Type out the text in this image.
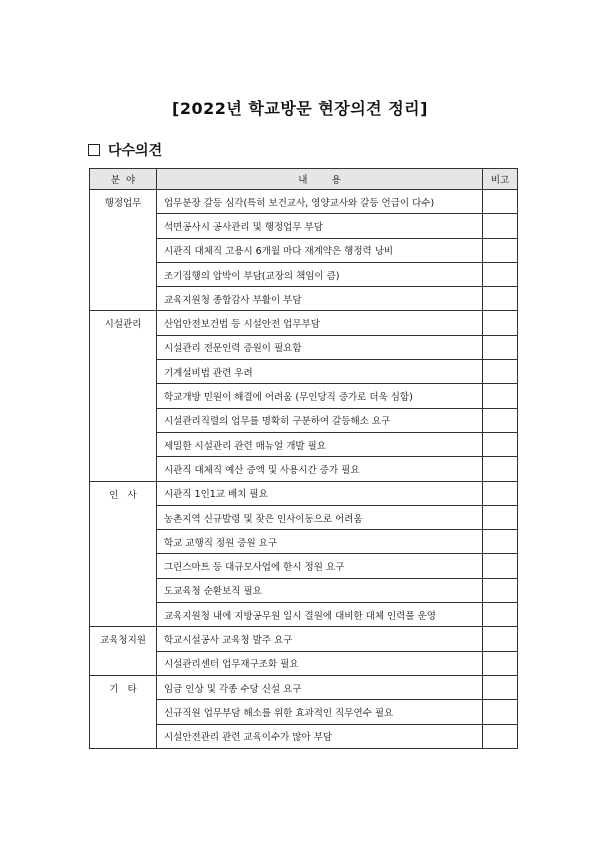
[2022년 학교방문 현장의견 정리]
다수의견
분  야	내        용	비고
행정업무	업무분장 갈등 심각(특히 보건교사, 영양교사와 갈등 언급이 다수)	
	석면공사시 공사관리 및 행정업무 부담	
	시관직 대체직 고용시 6개월 마다 재계약은 행정력 낭비	
	조기집행의 압박이 부담(교장의 책임이 큼)	
	교육지원청 종합감사 부활이 부담	
시설관리	산업안전보건법 등 시설안전 업무부담	
	시설관리 전문인력 증원이 필요함	
	기계설비법 관련 우려	
	학교개방 민원이 해결에 어려움 (무인당직 증가로 더욱 심함)	
	시설관리직렬의 업무를 명확히 구분하여 갈등해소 요구	
	세밀한 시설관리 관련 매뉴얼 개발 필요	
	시관직 대체직 예산 증액 및 사용시간 증가 필요	
인   사	시관직 1인1교 배치 필요	
	농촌지역 신규발령 및 잦은 인사이동으로 어려움	
	학교 교행직 정원 증원 요구	
	그린스마트 등 대규모사업에 한시 정원 요구	
	도교육청 순환보직 필요	
	교육지원청 내에 지방공무원 일시 결원에 대비한 대체 인력풀 운영	
교육청지원	학교시설공사 교육청 발주 요구	
	시설관리센터 업무재구조화 필요	
기   타	임금 인상 및 각종 수당 신설 요구	
	신규직원 업무부담 해소를 위한 효과적인 직무연수 필요	
	시설안전관리 관련 교육이수가 많아 부담	
